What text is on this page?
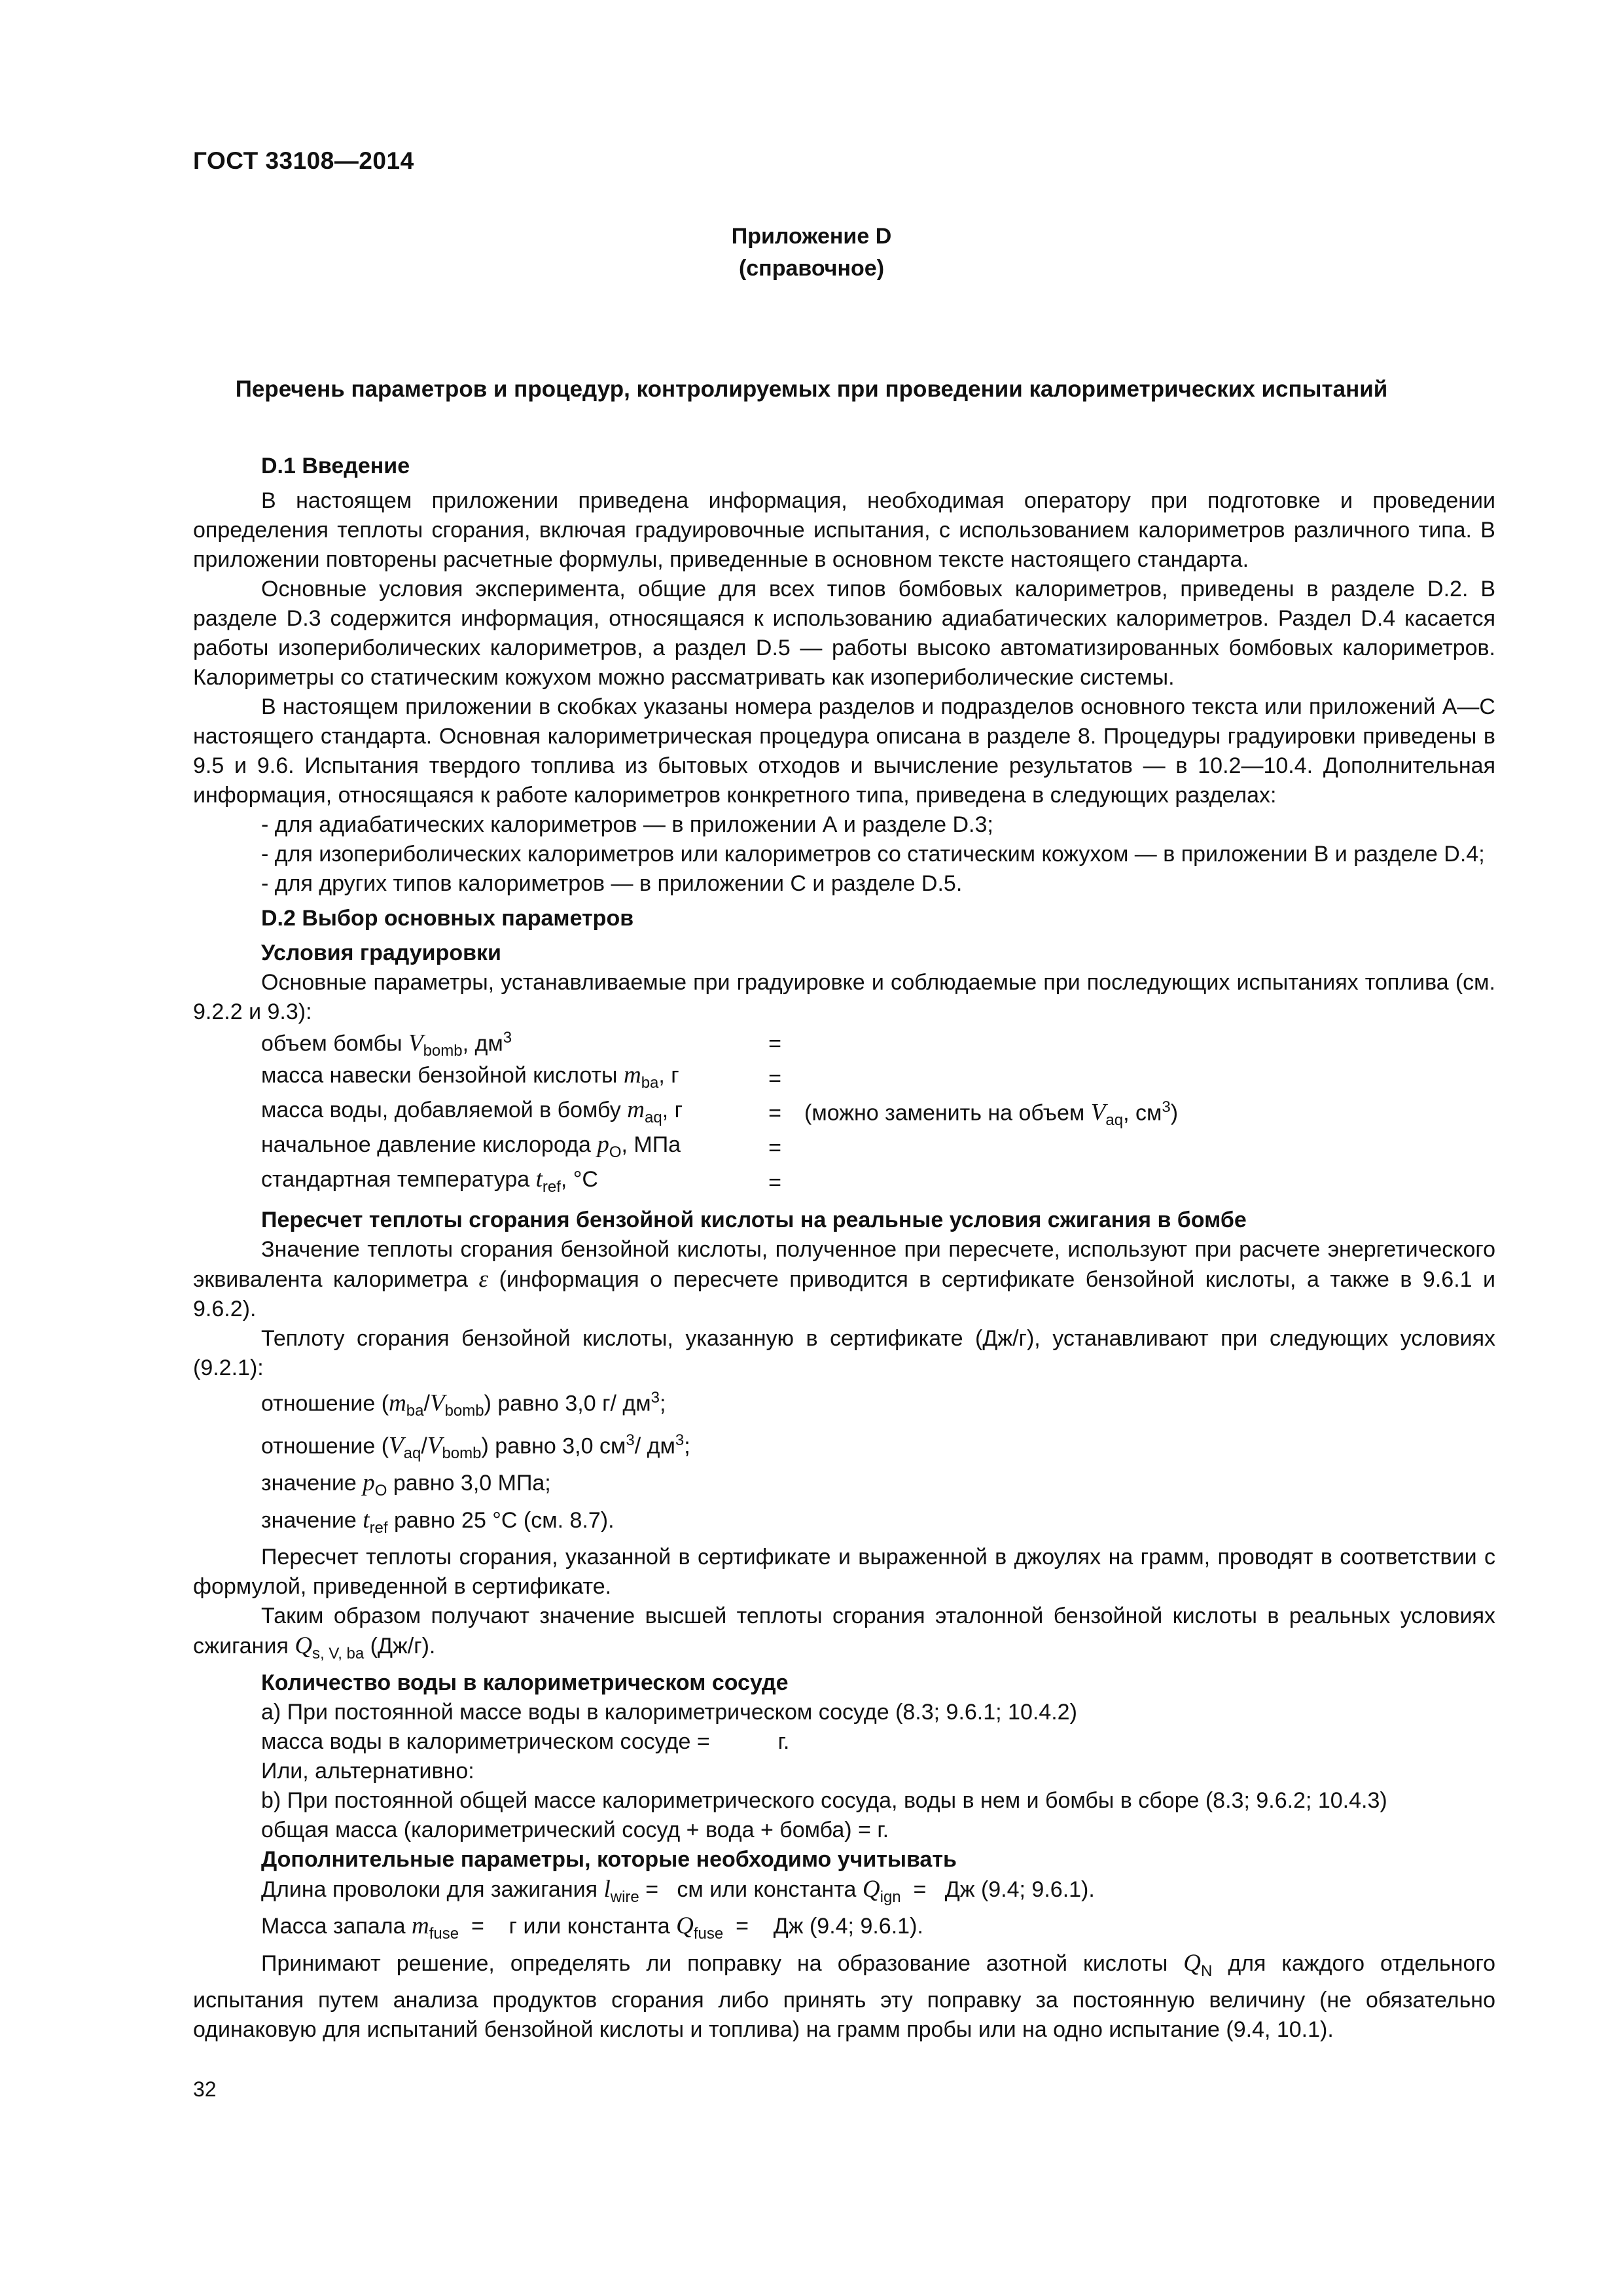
ГОСТ 33108—2014
Приложение D
(справочное)
Перечень параметров и процедур, контролируемых при проведении калориметрических испытаний

D.1 Введение

В настоящем приложении приведена информация, необходимая оператору при подготовке и проведении определения теплоты сгорания, включая градуировочные испытания, с использованием калориметров различного типа. В приложении повторены расчетные формулы, приведенные в основном тексте настоящего стандарта.

Основные условия эксперимента, общие для всех типов бомбовых калориметров, приведены в разделе D.2. В разделе D.3 содержится информация, относящаяся к использованию адиабатических калориметров. Раздел D.4 касается работы изопериболических калориметров, а раздел D.5 — работы высоко автоматизированных бомбовых калориметров. Калориметры со статическим кожухом можно рассматривать как изопериболические системы.

В настоящем приложении в скобках указаны номера разделов и подразделов основного текста или приложений А—С настоящего стандарта. Основная калориметрическая процедура описана в разделе 8. Процедуры градуировки приведены в 9.5 и 9.6. Испытания твердого топлива из бытовых отходов и вычисление результатов — в 10.2—10.4. Дополнительная информация, относящаяся к работе калориметров конкретного типа, приведена в следующих разделах:

- для адиабатических калориметров — в приложении А и разделе D.3;

- для изопериболических калориметров или калориметров со статическим кожухом — в приложении В и разделе D.4;

- для других типов калориметров — в приложении С и разделе D.5.

D.2 Выбор основных параметров

Условия градуировки

Основные параметры, устанавливаемые при градуировке и соблюдаемые при последующих испытаниях топлива (см. 9.2.2 и 9.3):

объем бомбы $V_{bomb}$, $дм^3$	=
масса навески бензойной кислоты $m_{ba}$, г	=
масса воды, добавляемой в бомбу $m_{aq}$, г	=	(можно заменить на объем $V_{aq}$, $см^3$)
начальное давление кислорода $p_O$, МПа	=
стандартная температура $t_{ref}$, °C	=

Пересчет теплоты сгорания бензойной кислоты на реальные условия сжигания в бомбе

Значение теплоты сгорания бензойной кислоты, полученное при пересчете, используют при расчете энергетического эквивалента калориметра ε (информация о пересчете приводится в сертификате бензойной кислоты, а также в 9.6.1 и 9.6.2).

Теплоту сгорания бензойной кислоты, указанную в сертификате (Дж/г), устанавливают при следующих условиях (9.2.1):

отношение $(m_{ba}/V_{bomb})$ равно 3,0 г/ $дм^3$;

отношение $(V_{aq}/V_{bomb})$ равно 3,0 $см^3/$ $дм^3$;

значение $p_O$ равно 3,0 МПа;

значение $t_{ref}$ равно 25 °C (см. 8.7).

Пересчет теплоты сгорания, указанной в сертификате и выраженной в джоулях на грамм, проводят в соответствии с формулой, приведенной в сертификате.

Таким образом получают значение высшей теплоты сгорания эталонной бензойной кислоты в реальных условиях сжигания $Q_{s, V, ba}$ (Дж/г).

Количество воды в калориметрическом сосуде

а) При постоянной массе воды в калориметрическом сосуде (8.3; 9.6.1; 10.4.2)

масса воды в калориметрическом сосуде =           г.

Или, альтернативно:

b) При постоянной общей массе калориметрического сосуда, воды в нем и бомбы в сборе (8.3; 9.6.2; 10.4.3)

общая масса (калориметрический сосуд + вода + бомба) = г.

Дополнительные параметры, которые необходимо учитывать

Длина проволоки для зажигания $l_{wire}$ =   см или константа $Q_{ign}$  =   Дж (9.4; 9.6.1).

Масса запала $m_{fuse}$  =    г или константа $Q_{fuse}$  =    Дж (9.4; 9.6.1).

Принимают решение, определять ли поправку на образование азотной кислоты $Q_N$ для каждого отдельного испытания путем анализа продуктов сгорания либо принять эту поправку за постоянную величину (не обязательно одинаковую для испытаний бензойной кислоты и топлива) на грамм пробы или на одно испытание (9.4, 10.1).

32
